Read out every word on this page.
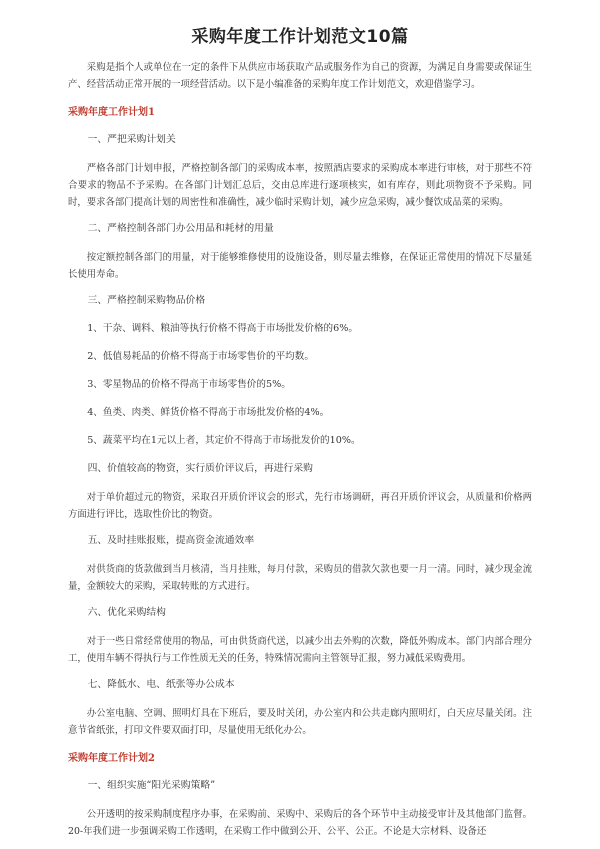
采购年度工作计划范文10篇

采购是指个人或单位在一定的条件下从供应市场获取产品或服务作为自己的资源，为满足自身需要或保证生产、经营活动正常开展的一项经营活动。以下是小编准备的采购年度工作计划范文，欢迎借鉴学习。

采购年度工作计划1

一、严把采购计划关

严格各部门计划申报，严格控制各部门的采购成本率，按照酒店要求的采购成本率进行审核，对于那些不符合要求的物品不予采购。在各部门计划汇总后，交由总库进行逐项核实，如有库存，则此项物资不予采购。同时，要求各部门提高计划的周密性和准确性，减少临时采购计划，减少应急采购，减少餐饮成品菜的采购。

二、严格控制各部门办公用品和耗材的用量

按定额控制各部门的用量，对于能够维修使用的设施设备，则尽量去维修，在保证正常使用的情况下尽量延长使用寿命。

三、严格控制采购物品价格

1、干杂、调料、粮油等执行价格不得高于市场批发价格的6%。

2、低值易耗品的价格不得高于市场零售价的平均数。

3、零星物品的价格不得高于市场零售价的5%。

4、鱼类、肉类、鲜货价格不得高于市场批发价格的4%。

5、蔬菜平均在1元以上者，其定价不得高于市场批发价的10%。

四、价值较高的物资，实行质价评议后，再进行采购

对于单价超过元的物资，采取召开质价评议会的形式，先行市场调研，再召开质价评议会，从质量和价格两方面进行评比，选取性价比的物资。

五、及时挂账报账，提高资金流通效率

对供货商的货款做到当月核清，当月挂账，每月付款，采购员的借款欠款也要一月一清。同时，减少现金流量，金额较大的采购，采取转账的方式进行。

六、优化采购结构

对于一些日常经常使用的物品，可由供货商代送，以减少出去外购的次数，降低外购成本。部门内部合理分工，使用车辆不得执行与工作性质无关的任务，特殊情况需向主管领导汇报，努力减低采购费用。

七、降低水、电、纸张等办公成本

办公室电脑、空调、照明灯具在下班后，要及时关闭，办公室内和公共走廊内照明灯，白天应尽量关闭。注意节省纸张，打印文件要双面打印，尽量使用无纸化办公。

采购年度工作计划2

一、组织实施“阳光采购策略”

公开透明的按采购制度程序办事，在采购前、采购中、采购后的各个环节中主动接受审计及其他部门监督。20-年我们进一步强调采购工作透明，在采购工作中做到公开、公平、公正。不论是大宗材料、设备还
